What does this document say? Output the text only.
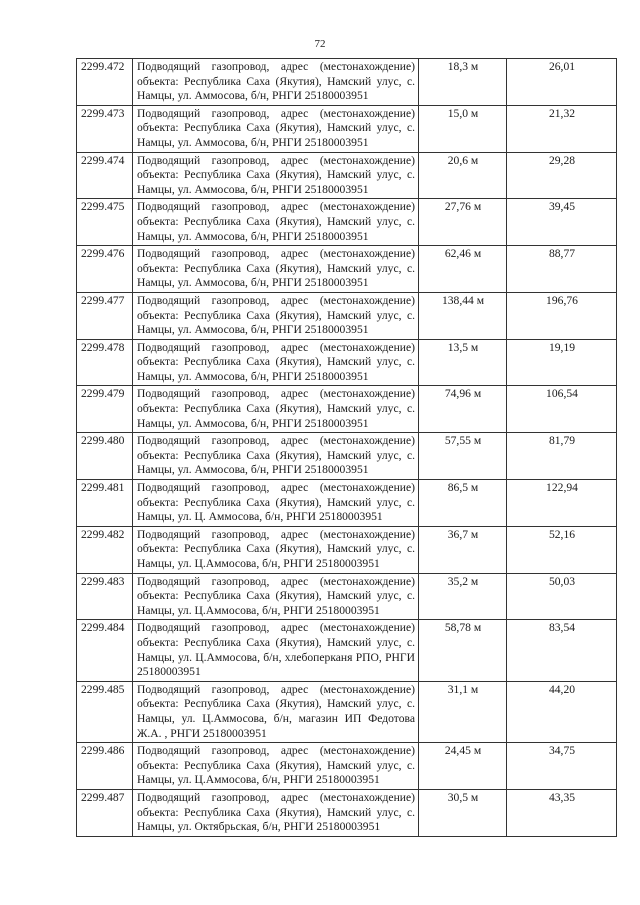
72
2299.472	Подводящий газопровод, адрес (местонахождение) объекта: Республика Саха (Якутия), Намский улус, с. Намцы, ул. Аммосова, б/н, РНГИ 25180003951	18,3 м	26,01
2299.473	Подводящий газопровод, адрес (местонахождение) объекта: Республика Саха (Якутия), Намский улус, с. Намцы, ул. Аммосова, б/н, РНГИ 25180003951	15,0 м	21,32
2299.474	Подводящий газопровод, адрес (местонахождение) объекта: Республика Саха (Якутия), Намский улус, с. Намцы, ул. Аммосова, б/н, РНГИ 25180003951	20,6 м	29,28
2299.475	Подводящий газопровод, адрес (местонахождение) объекта: Республика Саха (Якутия), Намский улус, с. Намцы, ул. Аммосова, б/н, РНГИ 25180003951	27,76 м	39,45
2299.476	Подводящий газопровод, адрес (местонахождение) объекта: Республика Саха (Якутия), Намский улус, с. Намцы, ул. Аммосова, б/н, РНГИ 25180003951	62,46 м	88,77
2299.477	Подводящий газопровод, адрес (местонахождение) объекта: Республика Саха (Якутия), Намский улус, с. Намцы, ул. Аммосова, б/н, РНГИ 25180003951	138,44 м	196,76
2299.478	Подводящий газопровод, адрес (местонахождение) объекта: Республика Саха (Якутия), Намский улус, с. Намцы, ул. Аммосова, б/н, РНГИ 25180003951	13,5 м	19,19
2299.479	Подводящий газопровод, адрес (местонахождение) объекта: Республика Саха (Якутия), Намский улус, с. Намцы, ул. Аммосова, б/н, РНГИ 25180003951	74,96 м	106,54
2299.480	Подводящий газопровод, адрес (местонахождение) объекта: Республика Саха (Якутия), Намский улус, с. Намцы, ул. Аммосова, б/н, РНГИ 25180003951	57,55 м	81,79
2299.481	Подводящий газопровод, адрес (местонахождение) объекта: Республика Саха (Якутия), Намский улус, с. Намцы, ул. Ц. Аммосова, б/н, РНГИ 25180003951	86,5 м	122,94
2299.482	Подводящий газопровод, адрес (местонахождение) объекта: Республика Саха (Якутия), Намский улус, с. Намцы, ул. Ц.Аммосова, б/н, РНГИ 25180003951	36,7 м	52,16
2299.483	Подводящий газопровод, адрес (местонахождение) объекта: Республика Саха (Якутия), Намский улус, с. Намцы, ул. Ц.Аммосова, б/н, РНГИ 25180003951	35,2 м	50,03
2299.484	Подводящий газопровод, адрес (местонахождение) объекта: Республика Саха (Якутия), Намский улус, с. Намцы, ул. Ц.Аммосова, б/н, хлебоперканя РПО, РНГИ 25180003951	58,78 м	83,54
2299.485	Подводящий газопровод, адрес (местонахождение) объекта: Республика Саха (Якутия), Намский улус, с. Намцы, ул. Ц.Аммосова, б/н, магазин ИП Федотова Ж.А. , РНГИ 25180003951	31,1 м	44,20
2299.486	Подводящий газопровод, адрес (местонахождение) объекта: Республика Саха (Якутия), Намский улус, с. Намцы, ул. Ц.Аммосова, б/н, РНГИ 25180003951	24,45 м	34,75
2299.487	Подводящий газопровод, адрес (местонахождение) объекта: Республика Саха (Якутия), Намский улус, с. Намцы, ул. Октябрьская, б/н, РНГИ 25180003951	30,5 м	43,35
